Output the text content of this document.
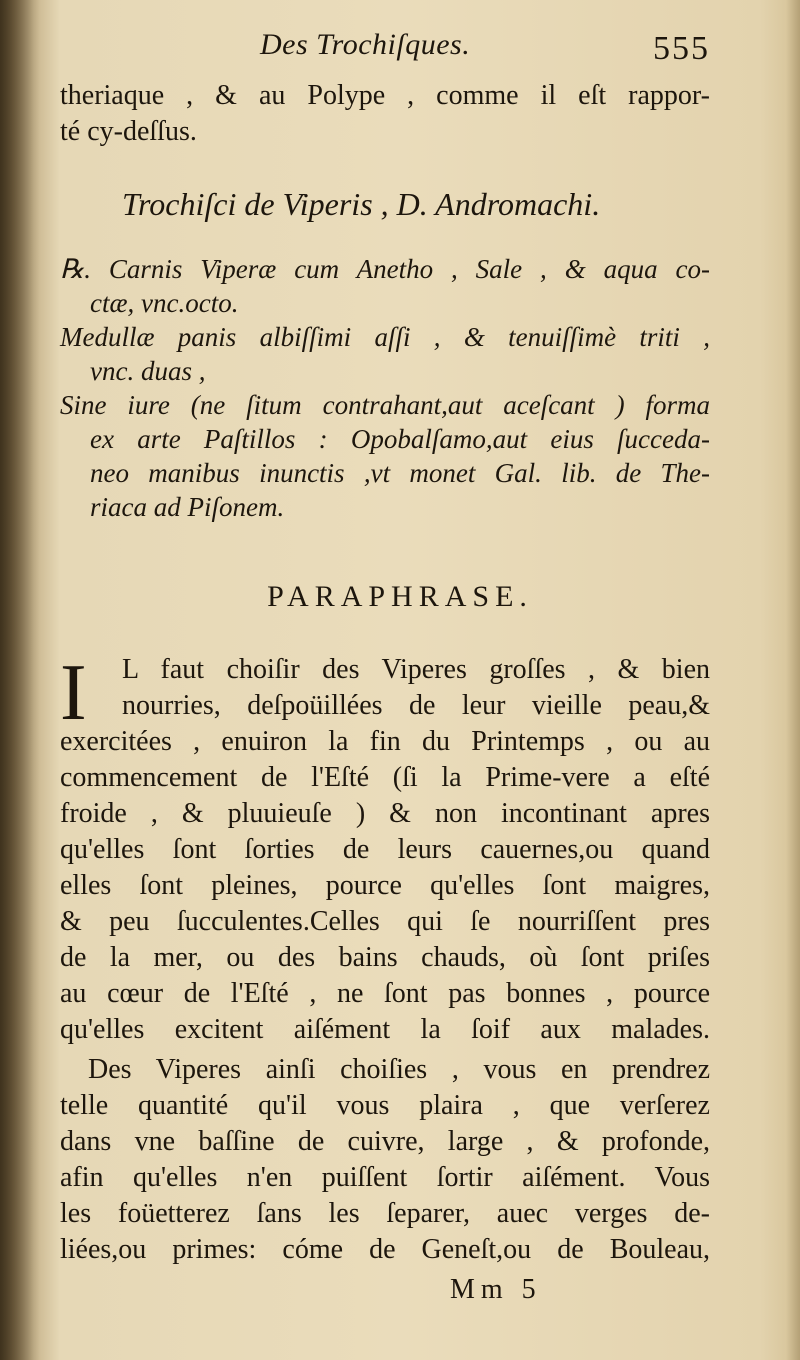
Des Trochiſques.	555
theriaque , & au Polype , comme il eſt rappor-
té cy-deſſus.
Trochiſci de Viperis , D. Andromachi.
℞. Carnis Viperæ cum Anetho , Sale , & aqua co-
ctæ, vnc.octo.
Medullæ panis albiſſimi aſſi , & tenuiſſimè triti ,
vnc. duas ,
Sine iure (ne ſitum contrahant,aut aceſcant ) forma
ex arte Paſtillos : Opobalſamo,aut eius ſucceda-
neo manibus inunctis ,vt monet Gal. lib. de The-
riaca ad Piſonem.
PARAPHRASE.
I	L faut choiſir des Viperes groſſes , & bien
nourries, deſpoüillées de leur vieille peau,&
exercitées , enuiron la fin du Printemps , ou au
commencement de l'Eſté (ſi la Prime-vere a eſté
froide , & pluuieuſe ) & non incontinant apres
qu'elles ſont ſorties de leurs cauernes,ou quand
elles ſont pleines, pource qu'elles ſont maigres,
& peu ſucculentes.Celles qui ſe nourriſſent pres
de la mer, ou des bains chauds, où ſont priſes
au cœur de l'Eſté , ne ſont pas bonnes , pource
qu'elles excitent aiſément la ſoif aux malades.
Des Viperes ainſi choiſies , vous en prendrez
telle quantité qu'il vous plaira , que verſerez
dans vne baſſine de cuivre, large , & profonde,
afin qu'elles n'en puiſſent ſortir aiſément. Vous
les foüetterez ſans les ſeparer, auec verges de-
liées,ou primes: cóme de Geneſt,ou de Bouleau,
Mm 5
